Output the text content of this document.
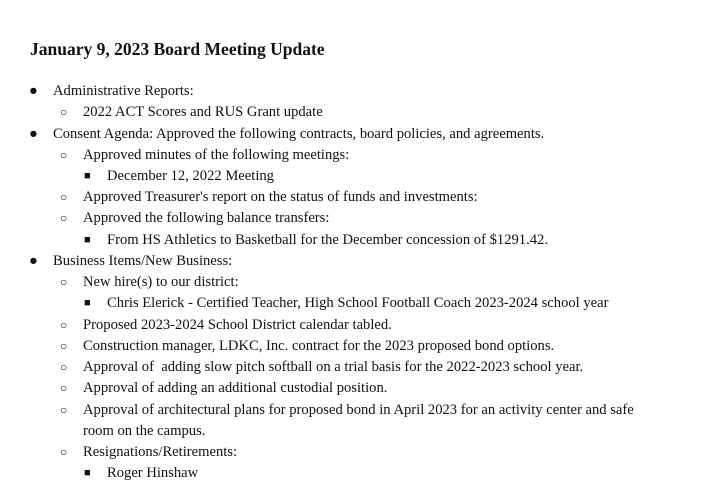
January 9, 2023 Board Meeting Update
● Administrative Reports:
○ 2022 ACT Scores and RUS Grant update
● Consent Agenda: Approved the following contracts, board policies, and agreements.
○ Approved minutes of the following meetings:
■ December 12, 2022 Meeting
○ Approved Treasurer's report on the status of funds and investments:
○ Approved the following balance transfers:
■ From HS Athletics to Basketball for the December concession of $1291.42.
● Business Items/New Business:
○ New hire(s) to our district:
■ Chris Elerick - Certified Teacher, High School Football Coach 2023-2024 school year
○ Proposed 2023-2024 School District calendar tabled.
○ Construction manager, LDKC, Inc. contract for the 2023 proposed bond options.
○ Approval of  adding slow pitch softball on a trial basis for the 2022-2023 school year.
○ Approval of adding an additional custodial position.
○ Approval of architectural plans for proposed bond in April 2023 for an activity center and safe
room on the campus.
○ Resignations/Retirements:
■ Roger Hinshaw
